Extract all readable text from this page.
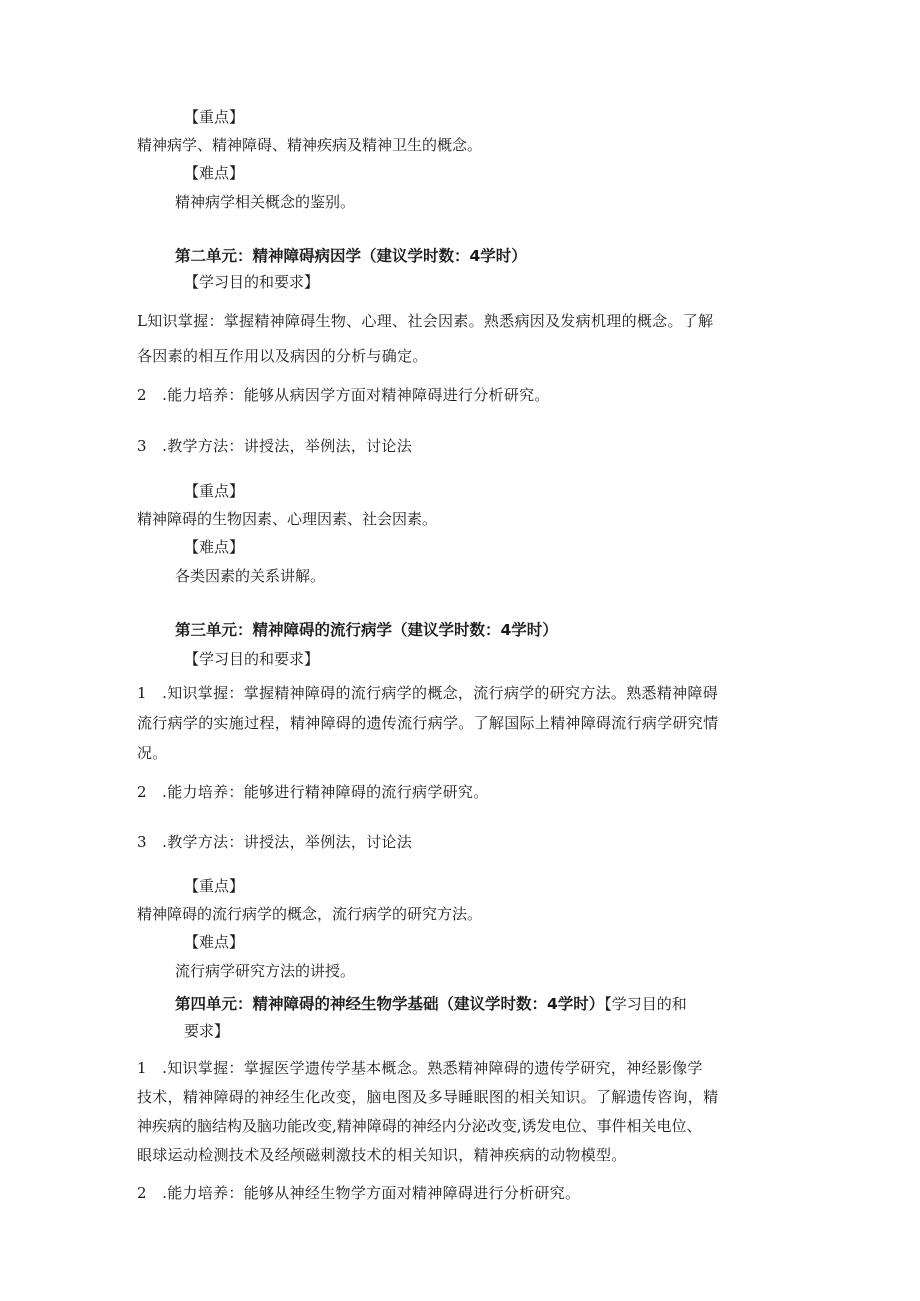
【重点】
精神病学、精神障碍、精神疾病及精神卫生的概念。
【难点】
精神病学相关概念的鉴别。
第二单元：精神障碍病因学（建议学时数：4学时）
【学习目的和要求】
L知识掌握：掌握精神障碍生物、心理、社会因素。熟悉病因及发病机理的概念。了解
各因素的相互作用以及病因的分析与确定。
2　.能力培养：能够从病因学方面对精神障碍进行分析研究。
3　.教学方法：讲授法，举例法，讨论法
【重点】
精神障碍的生物因素、心理因素、社会因素。
【难点】
各类因素的关系讲解。
第三单元：精神障碍的流行病学（建议学时数：4学时）
【学习目的和要求】
1　.知识掌握：掌握精神障碍的流行病学的概念，流行病学的研究方法。熟悉精神障碍
流行病学的实施过程，精神障碍的遗传流行病学。了解国际上精神障碍流行病学研究情
况。
2　.能力培养：能够进行精神障碍的流行病学研究。
3　.教学方法：讲授法，举例法，讨论法
【重点】
精神障碍的流行病学的概念，流行病学的研究方法。
【难点】
流行病学研究方法的讲授。
第四单元：精神障碍的神经生物学基础（建议学时数：4学时）【学习目的和
要求】
1　.知识掌握：掌握医学遗传学基本概念。熟悉精神障碍的遗传学研究，神经影像学
技术，精神障碍的神经生化改变，脑电图及多导睡眠图的相关知识。了解遗传咨询，精
神疾病的脑结构及脑功能改变,精神障碍的神经内分泌改变,诱发电位、事件相关电位、
眼球运动检测技术及经颅磁刺激技术的相关知识，精神疾病的动物模型。
2　.能力培养：能够从神经生物学方面对精神障碍进行分析研究。
